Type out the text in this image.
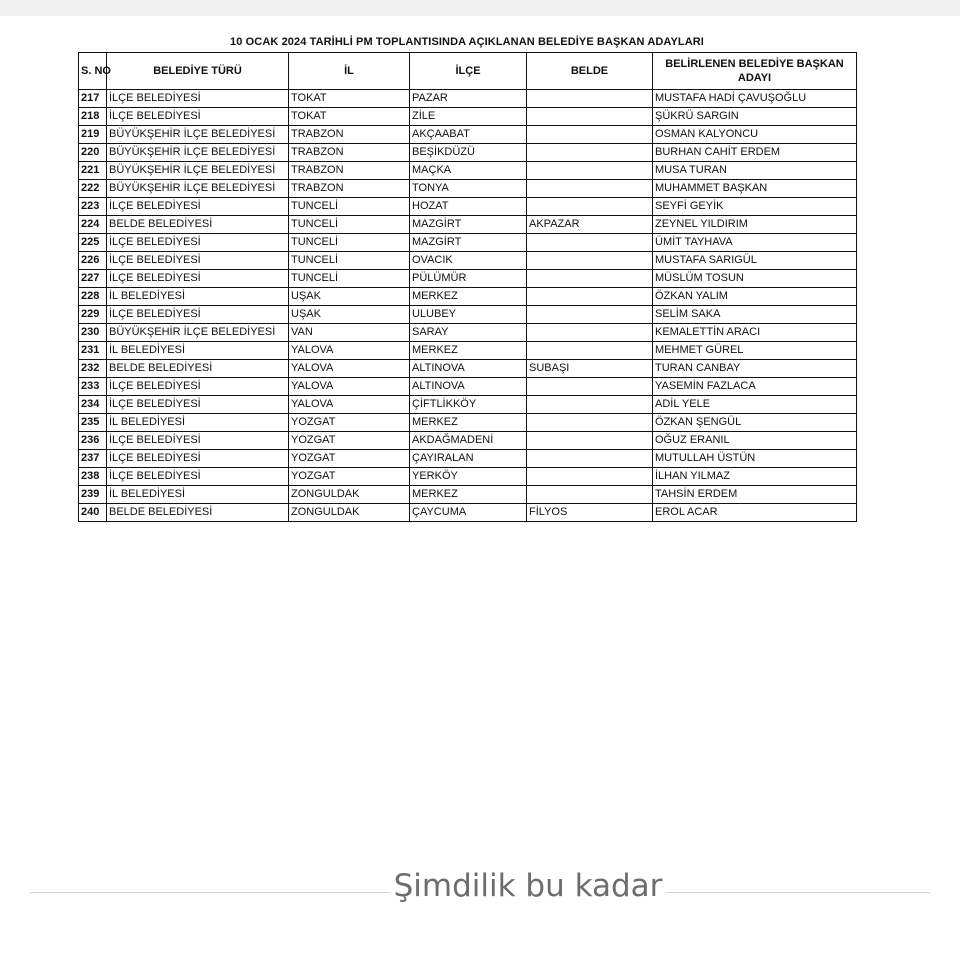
10 OCAK 2024 TARİHLİ PM TOPLANTISINDA AÇIKLANAN BELEDİYE BAŞKAN ADAYLARI
S. NO	BELEDİYE TÜRÜ	İL	İLÇE	BELDE	BELİRLENEN BELEDİYE BAŞKAN ADAYI
217	İLÇE BELEDİYESİ	TOKAT	PAZAR		MUSTAFA HADİ ÇAVUŞOĞLU
218	İLÇE BELEDİYESİ	TOKAT	ZİLE		ŞÜKRÜ SARGIN
219	BÜYÜKŞEHİR İLÇE BELEDİYESİ	TRABZON	AKÇAABAT		OSMAN KALYONCU
220	BÜYÜKŞEHİR İLÇE BELEDİYESİ	TRABZON	BEŞİKDÜZÜ		BURHAN CAHİT ERDEM
221	BÜYÜKŞEHİR İLÇE BELEDİYESİ	TRABZON	MAÇKA		MUSA TURAN
222	BÜYÜKŞEHİR İLÇE BELEDİYESİ	TRABZON	TONYA		MUHAMMET BAŞKAN
223	İLÇE BELEDİYESİ	TUNCELİ	HOZAT		SEYFİ GEYİK
224	BELDE BELEDİYESİ	TUNCELİ	MAZGİRT	AKPAZAR	ZEYNEL YILDIRIM
225	İLÇE BELEDİYESİ	TUNCELİ	MAZGİRT		ÜMİT TAYHAVA
226	İLÇE BELEDİYESİ	TUNCELİ	OVACIK		MUSTAFA SARIGÜL
227	İLÇE BELEDİYESİ	TUNCELİ	PÜLÜMÜR		MÜSLÜM TOSUN
228	İL BELEDİYESİ	UŞAK	MERKEZ		ÖZKAN YALIM
229	İLÇE BELEDİYESİ	UŞAK	ULUBEY		SELİM SAKA
230	BÜYÜKŞEHİR İLÇE BELEDİYESİ	VAN	SARAY		KEMALETTİN ARACI
231	İL BELEDİYESİ	YALOVA	MERKEZ		MEHMET GÜREL
232	BELDE BELEDİYESİ	YALOVA	ALTINOVA	SUBAŞI	TURAN CANBAY
233	İLÇE BELEDİYESİ	YALOVA	ALTINOVA		YASEMİN FAZLACA
234	İLÇE BELEDİYESİ	YALOVA	ÇİFTLİKKÖY		ADİL YELE
235	İL BELEDİYESİ	YOZGAT	MERKEZ		ÖZKAN ŞENGÜL
236	İLÇE BELEDİYESİ	YOZGAT	AKDAĞMADENİ		OĞUZ ERANIL
237	İLÇE BELEDİYESİ	YOZGAT	ÇAYIRALAN		MUTULLAH ÜSTÜN
238	İLÇE BELEDİYESİ	YOZGAT	YERKÖY		İLHAN YILMAZ
239	İL BELEDİYESİ	ZONGULDAK	MERKEZ		TAHSİN ERDEM
240	BELDE BELEDİYESİ	ZONGULDAK	ÇAYCUMA	FİLYOS	EROL ACAR
Şimdilik bu kadar
